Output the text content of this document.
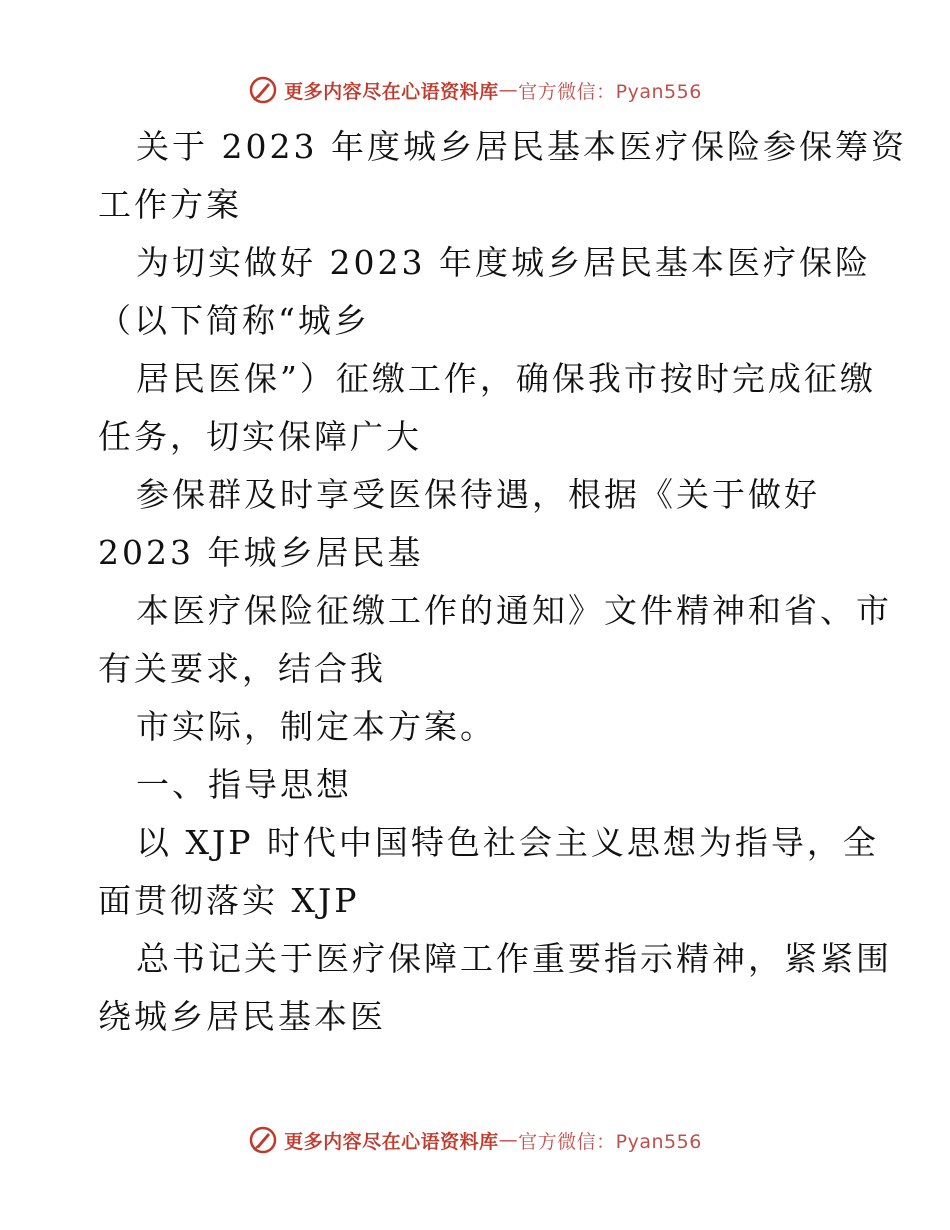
更多内容尽在心语资料库 — 官方微信：Pyan556
关于 2023 年度城乡居民基本医疗保险参保筹资
工作方案
为切实做好 2023 年度城乡居民基本医疗保险
（以下简称“城乡
居民医保”）征缴工作，确保我市按时完成征缴
任务，切实保障广大
参保群及时享受医保待遇，根据《关于做好
2023 年城乡居民基
本医疗保险征缴工作的通知》文件精神和省、市
有关要求，结合我
市实际，制定本方案。
一、指导思想
以 XJP 时代中国特色社会主义思想为指导，全
面贯彻落实 XJP
总书记关于医疗保障工作重要指示精神，紧紧围
绕城乡居民基本医
更多内容尽在心语资料库 — 官方微信：Pyan556
